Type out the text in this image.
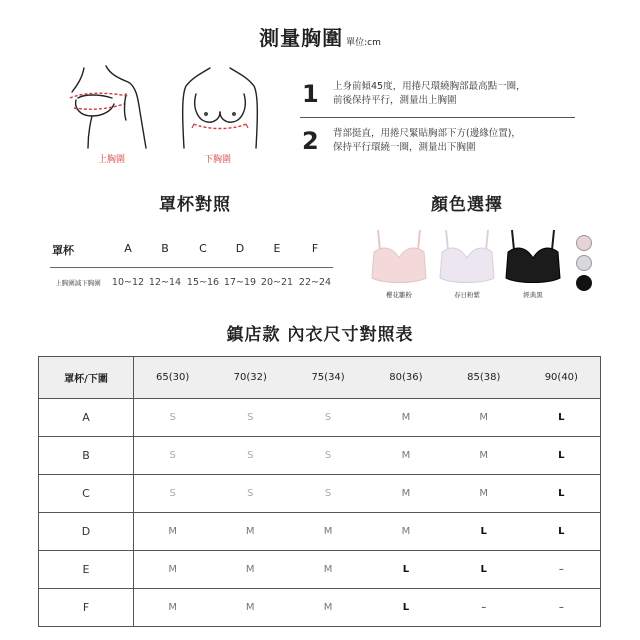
測量胸圍 單位:cm
上胸圍	下胸圍
1 上身前傾45度，用捲尺環繞胸部最高點一圈，
前後保持平行，測量出上胸圍
2 背部挺直，用捲尺緊貼胸部下方(邊緣位置)，
保持平行環繞一圈，測量出下胸圍
罩杯對照
罩杯	A	B	C	D	E	F
上胸圍減下胸圍	10~12 12~14 15~16 17~19 20~21 22~24
顏色選擇
櫻花雛粉	春日粉紫	經典黑
鎮店款 內衣尺寸對照表
罩杯/下圍	65(30)	70(32)	75(34)	80(36)	85(38)	90(40)
A	S	S	S	M	M	L
B	S	S	S	M	M	L
C	S	S	S	M	M	L
D	M	M	M	M	L	L
E	M	M	M	L	L	–
F	M	M	M	L	–	–
